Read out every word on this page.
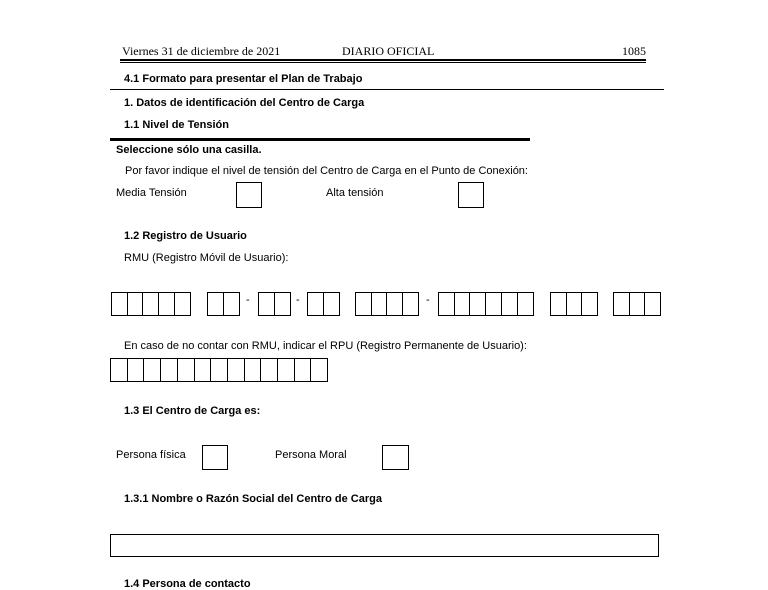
Viernes 31 de diciembre de 2021	DIARIO OFICIAL	1085
4.1 Formato para presentar el Plan de Trabajo
1. Datos de identificación del Centro de Carga
1.1 Nivel de Tensión
Seleccione sólo una casilla.
Por favor indique el nivel de tensión del Centro de Carga en el Punto de Conexión:
Media Tensión	Alta tensión
1.2 Registro de Usuario
RMU (Registro Móvil de Usuario):
-	-	-
En caso de no contar con RMU, indicar el RPU (Registro Permanente de Usuario):
1.3 El Centro de Carga es:
Persona física	Persona Moral
1.3.1 Nombre o Razón Social del Centro de Carga
1.4 Persona de contacto
